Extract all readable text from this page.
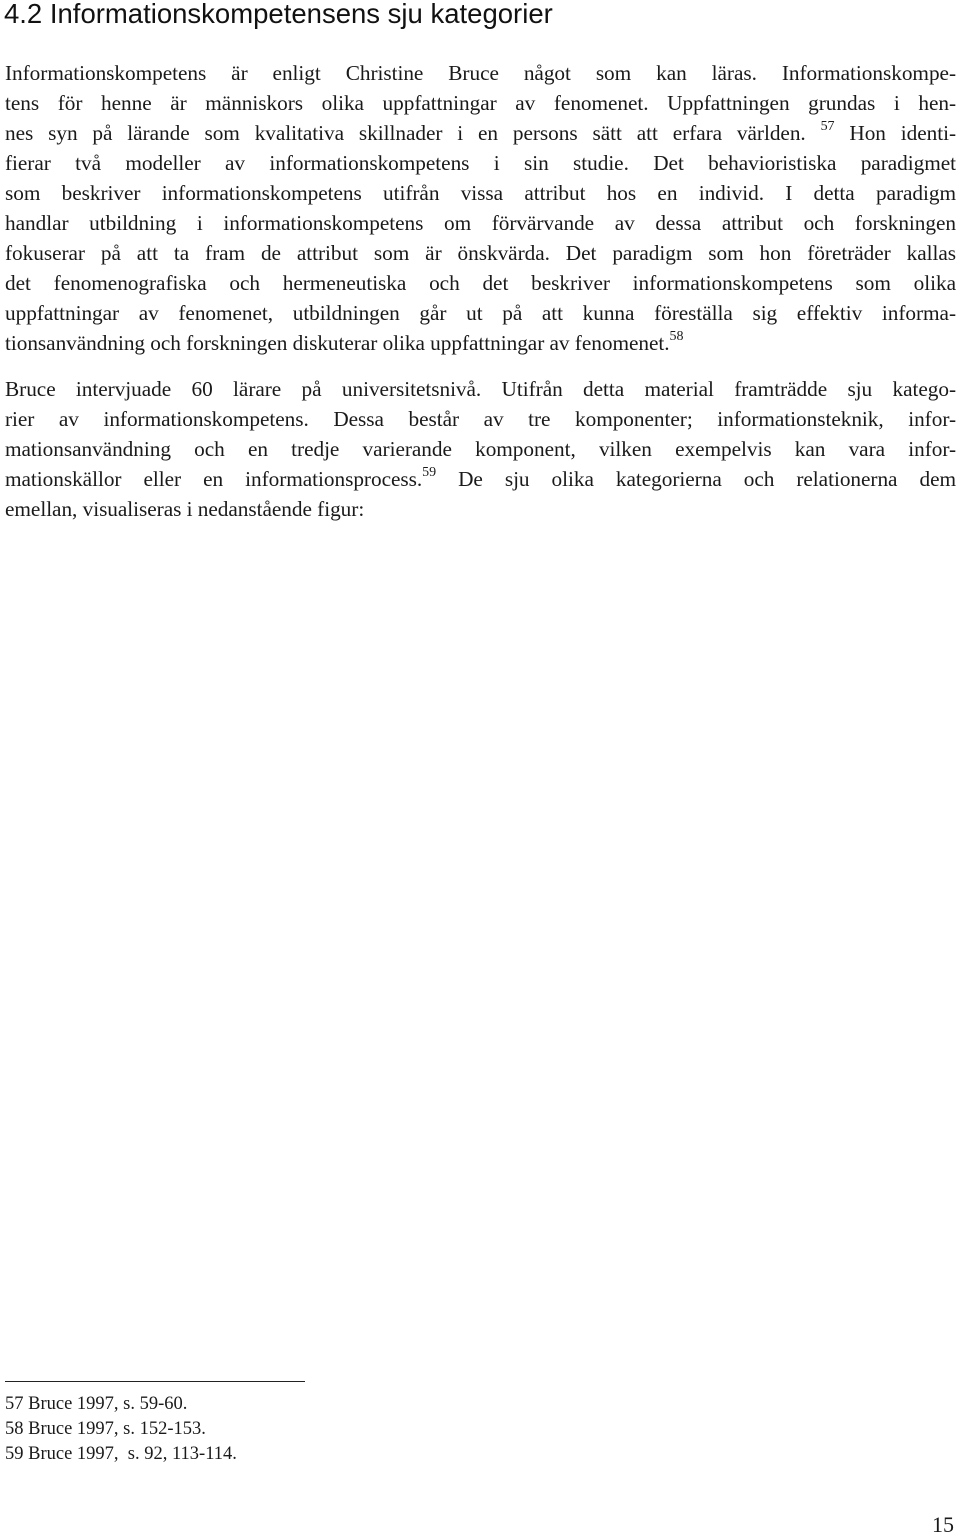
4.2 Informationskompetensens sju kategorier
Informationskompetens är enligt Christine Bruce något som kan läras. Informationskompe-
tens för henne är människors olika uppfattningar av fenomenet. Uppfattningen grundas i hen-
nes syn på lärande som kvalitativa skillnader i en persons sätt att erfara världen. $^{57}$ Hon identi-
fierar två modeller av informationskompetens i sin studie. Det behavioristiska paradigmet
som beskriver informationskompetens utifrån vissa attribut hos en individ. I detta paradigm
handlar utbildning i informationskompetens om förvärvande av dessa attribut och forskningen
fokuserar på att ta fram de attribut som är önskvärda. Det paradigm som hon företräder kallas
det fenomenografiska och hermeneutiska och det beskriver informationskompetens som olika
uppfattningar av fenomenet, utbildningen går ut på att kunna föreställa sig effektiv informa-
tionsanvändning och forskningen diskuterar olika uppfattningar av fenomenet.$^{58}$
Bruce intervjuade 60 lärare på universitetsnivå. Utifrån detta material framträdde sju katego-
rier av informationskompetens. Dessa består av tre komponenter; informationsteknik, infor-
mationsanvändning och en tredje varierande komponent, vilken exempelvis kan vara infor-
mationskällor eller en informationsprocess.$^{59}$ De sju olika kategorierna och relationerna dem
emellan, visualiseras i nedanstående figur:
57 Bruce 1997, s. 59-60.
58 Bruce 1997, s. 152-153.
59 Bruce 1997,  s. 92, 113-114.
15
